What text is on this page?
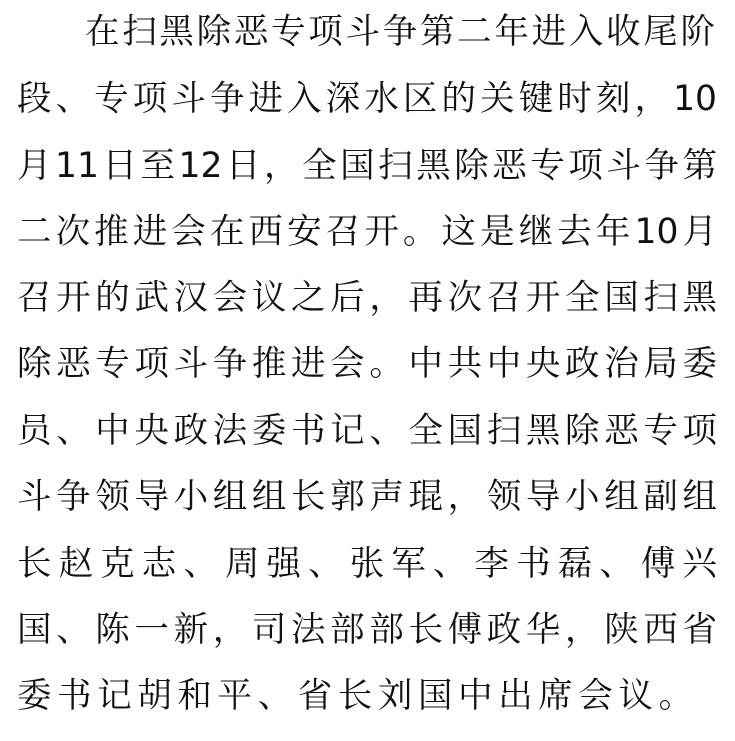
在扫黑除恶专项斗争第二年进入收尾阶
段、专项斗争进入深水区的关键时刻，10
月11日至12日，全国扫黑除恶专项斗争第
二次推进会在西安召开。这是继去年10月
召开的武汉会议之后，再次召开全国扫黑
除恶专项斗争推进会。中共中央政治局委
员、中央政法委书记、全国扫黑除恶专项
斗争领导小组组长郭声琨，领导小组副组
长赵克志、周强、张军、李书磊、傅兴
国、陈一新，司法部部长傅政华，陕西省
委书记胡和平、省长刘国中出席会议。
